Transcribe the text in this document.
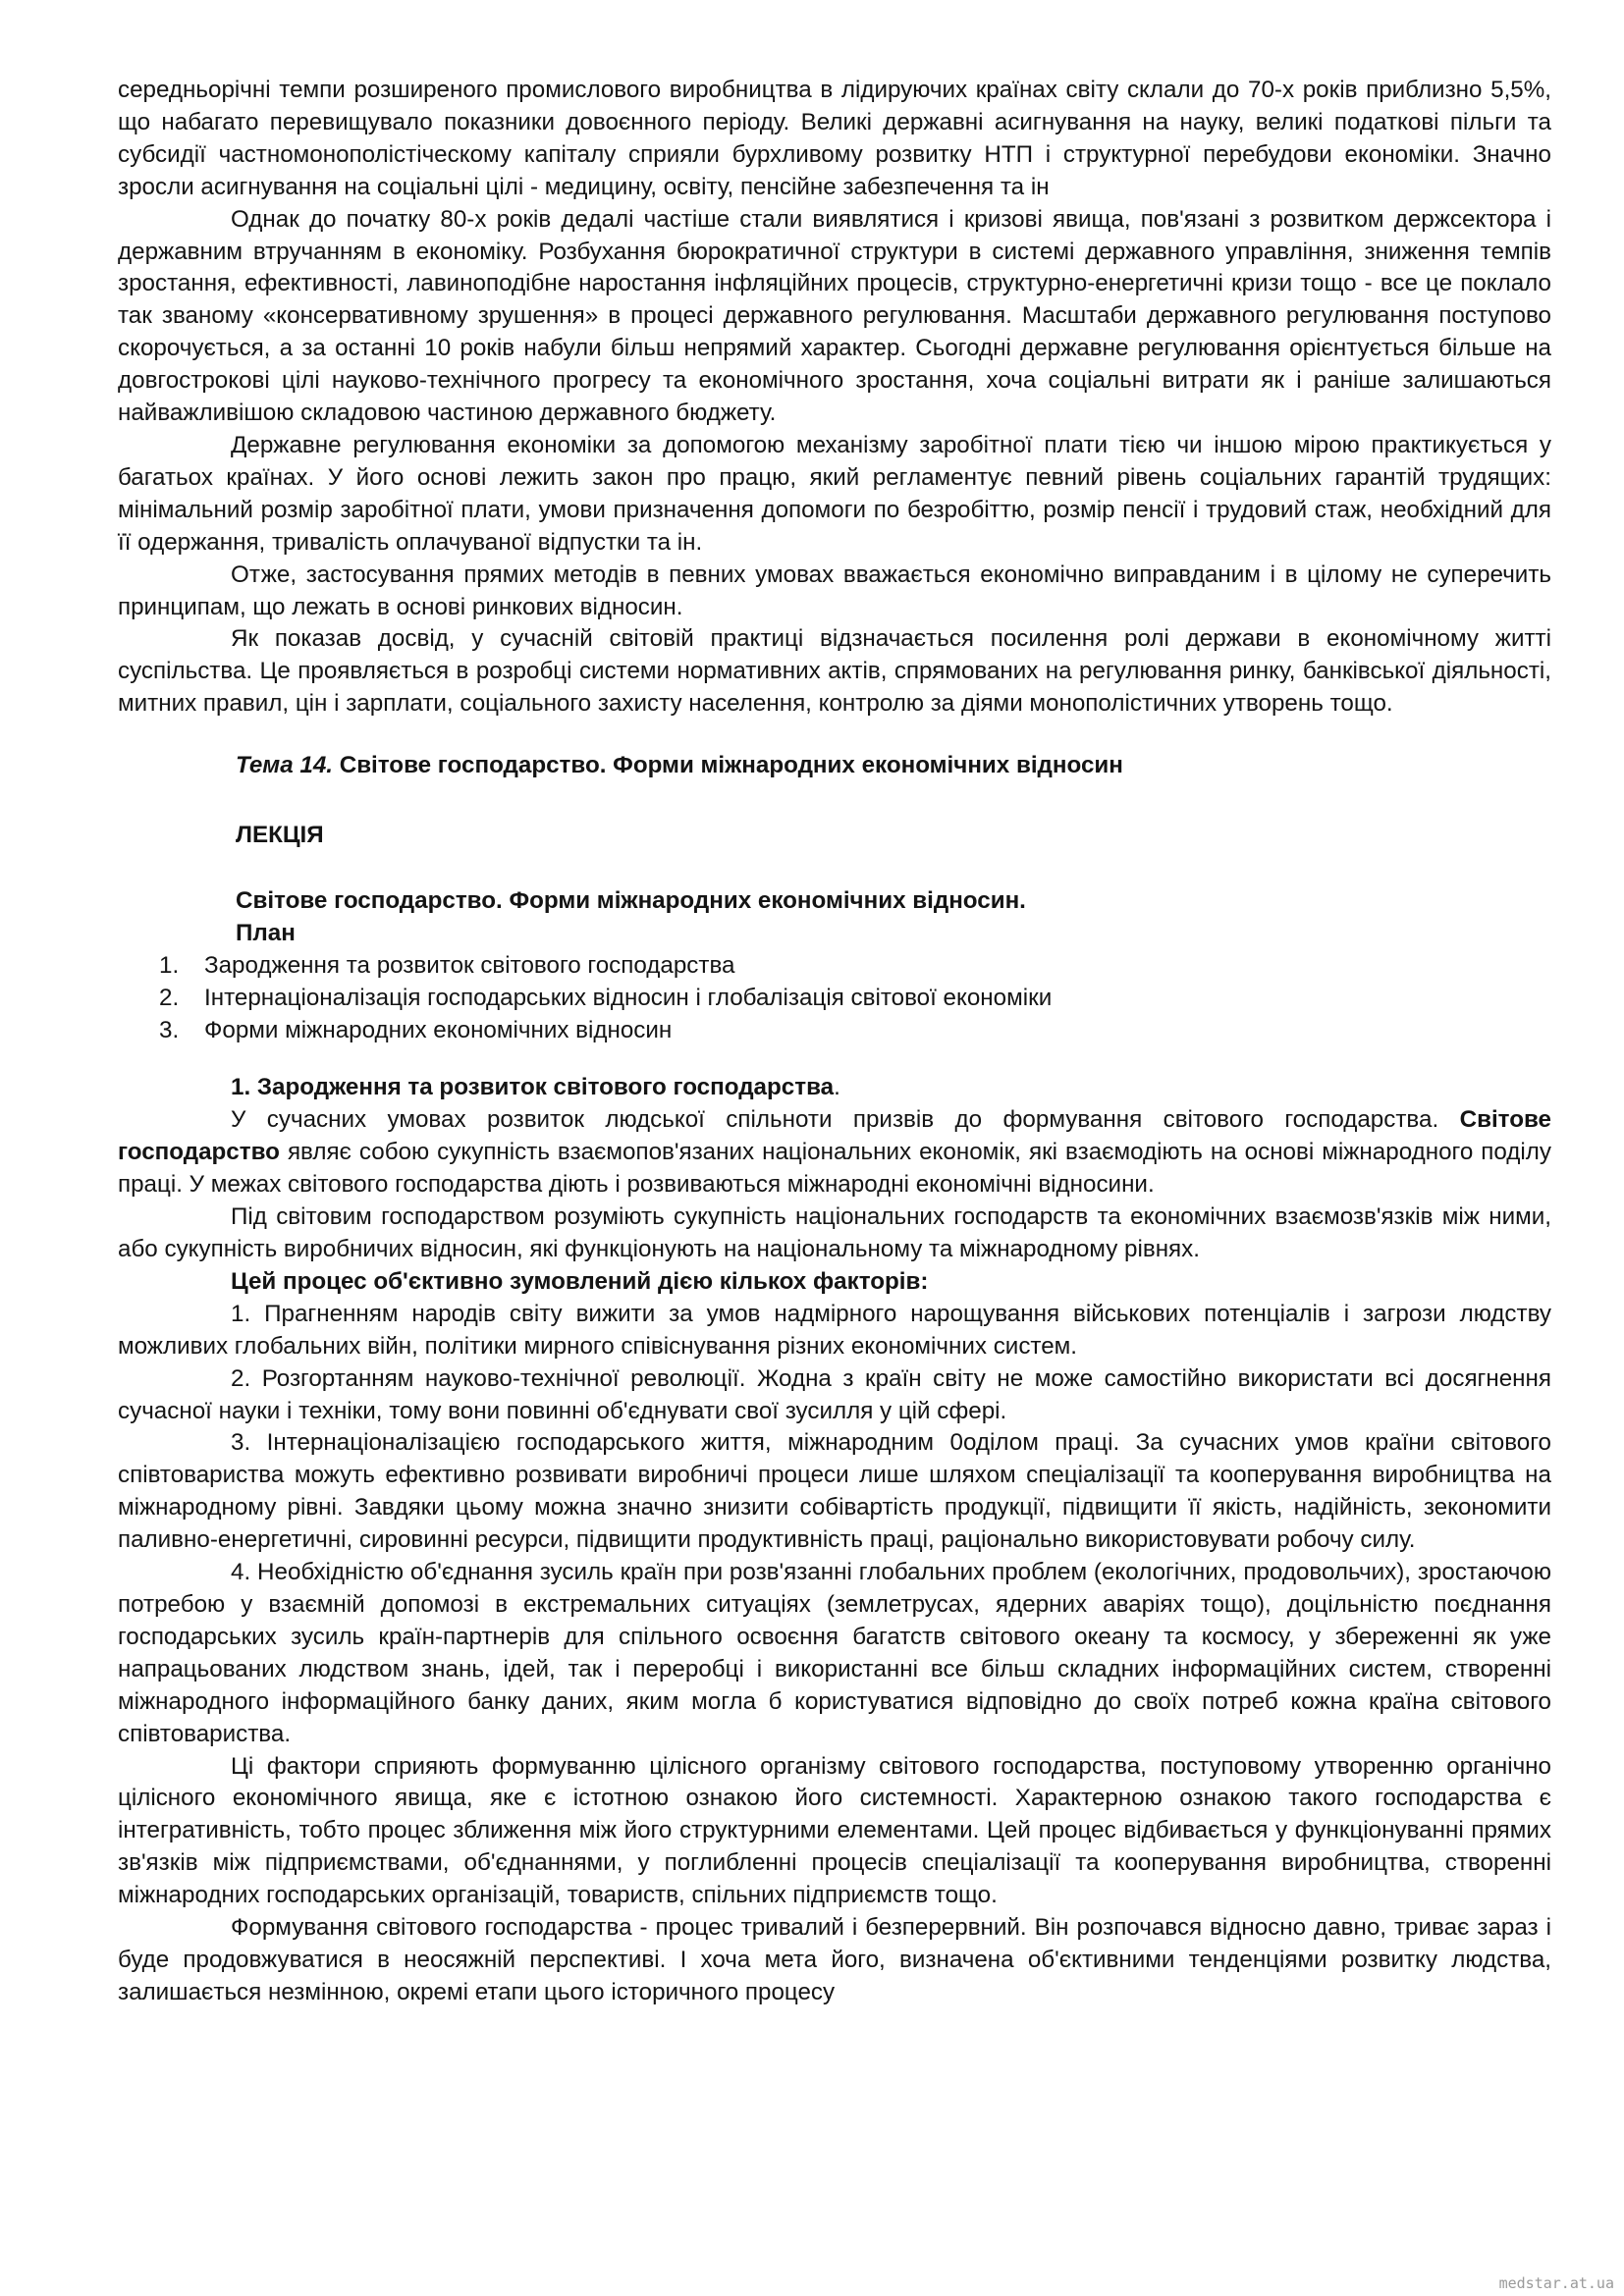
середньорічні темпи розширеного промислового виробництва в лідируючих країнах світу склали до 70-х років приблизно 5,5%, що набагато перевищувало показники довоєнного періоду. Великі державні асигнування на науку, великі податкові пільги та субсидії частномонополістіческому капіталу сприяли бурхливому розвитку НТП і структурної перебудови економіки. Значно зросли асигнування на соціальні цілі - медицину, освіту, пенсійне забезпечення та ін

Однак до початку 80-х років дедалі частіше стали виявлятися і кризові явища, пов'язані з розвитком держсектора і державним втручанням в економіку. Розбухання бюрократичної структури в системі державного управління, зниження темпів зростання, ефективності, лавиноподібне наростання інфляційних процесів, структурно-енергетичні кризи тощо - все це поклало так званому «консервативному зрушення» в процесі державного регулювання. Масштаби державного регулювання поступово скорочується, а за останні 10 років набули більш непрямий характер. Сьогодні державне регулювання орієнтується більше на довгострокові цілі науково-технічного прогресу та економічного зростання, хоча соціальні витрати як і раніше залишаються найважливішою складовою частиною державного бюджету.

Державне регулювання економіки за допомогою механізму заробітної плати тією чи іншою мірою практикується у багатьох країнах. У його основі лежить закон про працю, який регламентує певний рівень соціальних гарантій трудящих: мінімальний розмір заробітної плати, умови призначення допомоги по безробіттю, розмір пенсії і трудовий стаж, необхідний для її одержання, тривалість оплачуваної відпустки та ін.

Отже, застосування прямих методів в певних умовах вважається економічно виправданим і в цілому не суперечить принципам, що лежать в основі ринкових відносин.

Як показав досвід, у сучасній світовій практиці відзначається посилення ролі держави в економічному житті суспільства. Це проявляється в розробці системи нормативних актів, спрямованих на регулювання ринку, банківської діяльності, митних правил, цін і зарплати, соціального захисту населення, контролю за діями монополістичних утворень тощо.

Тема 14. Світове господарство. Форми міжнародних економічних відносин

ЛЕКЦІЯ

Світове господарство. Форми міжнародних економічних відносин.

План

1.	Зародження та розвиток світового господарства
2.	Інтернаціоналізація господарських відносин і глобалізація світової економіки
3.	Форми міжнародних економічних відносин

1. Зародження та розвиток світового господарства.

У сучасних умовах розвиток людської спільноти призвів до формування світового господарства. Світове господарство являє собою сукупність взаємопов'язаних національних економік, які взаємодіють на основі міжнародного поділу праці. У межах світового господарства діють і розвиваються міжнародні економічні відносини.

Під світовим господарством розуміють сукупність національних господарств та економічних взаємозв'язків між ними, або сукупність виробничих відносин, які функціонують на національному та міжнародному рівнях.

Цей процес об'єктивно зумовлений дією кількох факторів:

1. Прагненням народів світу вижити за умов надмірного нарощування військових потенціалів і загрози людству можливих глобальних війн, політики мирного співіснування різних економічних систем.

2. Розгортанням науково-технічної революції. Жодна з країн світу не може самостійно використати всі досягнення сучасної науки і техніки, тому вони повинні об'єднувати свої зусилля у цій сфері.

3. Інтернаціоналізацією господарського життя, міжнародним 0оділом праці. За сучасних умов країни світового співтовариства можуть ефективно розвивати виробничі процеси лише шляхом спеціалізації та кооперування виробництва на міжнародному рівні. Завдяки цьому можна значно знизити собівартість продукції, підвищити її якість, надійність, зекономити паливно-енергетичні, сировинні ресурси, підвищити продуктивність праці, раціонально використовувати робочу силу.

4. Необхідністю об'єднання зусиль країн при розв'язанні глобальних проблем (екологічних, продовольчих), зростаючою потребою у взаємній допомозі в екстремальних ситуаціях (землетрусах, ядерних аваріях тощо), доцільністю поєднання господарських зусиль країн-партнерів для спільного освоєння багатств світового океану та космосу, у збереженні як уже напрацьованих людством знань, ідей, так і переробці і використанні все більш складних інформаційних систем, створенні міжнародного інформаційного банку даних, яким могла б користуватися відповідно до своїх потреб кожна країна світового співтовариства.

Ці фактори сприяють формуванню цілісного організму світового господарства, поступовому утворенню органічно цілісного економічного явища, яке є істотною ознакою його системності. Характерною ознакою такого господарства є інтегративність, тобто процес зближення між його структурними елементами. Цей процес відбивається у функціонуванні прямих зв'язків між підприємствами, об'єднаннями, у поглибленні процесів спеціалізації та кооперування виробництва, створенні міжнародних господарських організацій, товариств, спільних підприємств тощо.

Формування світового господарства - процес тривалий і безперервний. Він розпочався відносно давно, триває зараз і буде продовжуватися в неосяжній перспективі. І хоча мета його, визначена об'єктивними тенденціями розвитку людства, залишається незмінною, окремі етапи цього історичного процесу

medstar.at.ua
